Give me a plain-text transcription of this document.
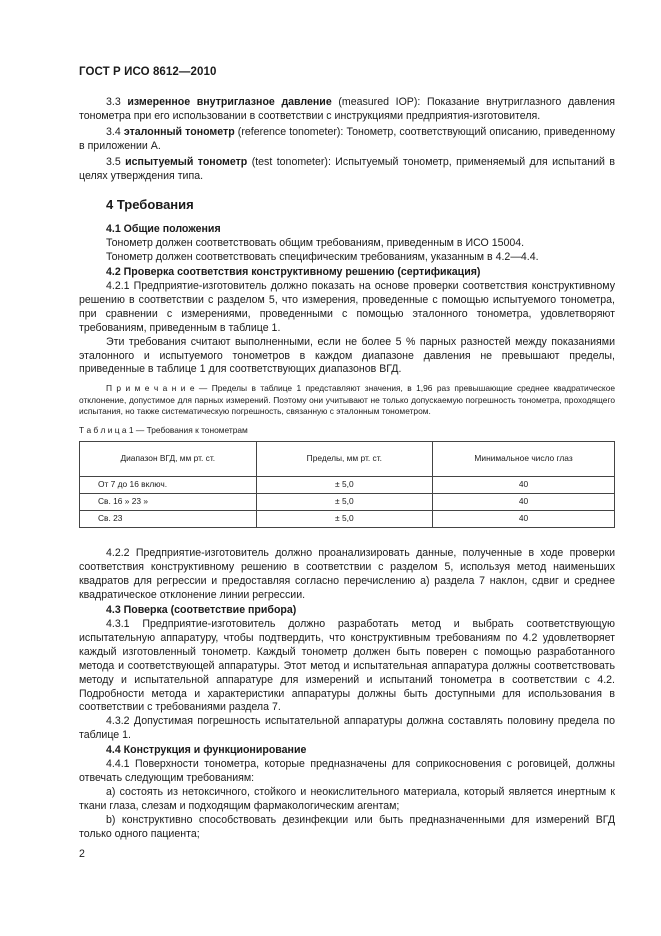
ГОСТ Р ИСО 8612—2010

3.3 измеренное внутриглазное давление (measured IOP): Показание внутриглазного давления тонометра при его использовании в соответствии с инструкциями предприятия-изготовителя.

3.4 эталонный тонометр (reference tonometer): Тонометр, соответствующий описанию, приведенному в приложении А.

3.5 испытуемый тонометр (test tonometer): Испытуемый тонометр, применяемый для испытаний в целях утверждения типа.

4 Требования
4.1 Общие положения

Тонометр должен соответствовать общим требованиям, приведенным в ИСО 15004.

Тонометр должен соответствовать специфическим требованиям, указанным в 4.2—4.4.

4.2 Проверка соответствия конструктивному решению (сертификация)

4.2.1 Предприятие-изготовитель должно показать на основе проверки соответствия конструктивному решению в соответствии с разделом 5, что измерения, проведенные с помощью испытуемого тонометра, при сравнении с измерениями, проведенными с помощью эталонного тонометра, удовлетворяют требованиям, приведенным в таблице 1.

Эти требования считают выполненными, если не более 5 % парных разностей между показаниями эталонного и испытуемого тонометров в каждом диапазоне давления не превышают пределы, приведенные в таблице 1 для соответствующих диапазонов ВГД.

П р и м е ч а н и е — Пределы в таблице 1 представляют значения, в 1,96 раз превышающие среднее квадратическое отклонение, допустимое для парных измерений. Поэтому они учитывают не только допускаемую погрешность тонометра, проходящего испытания, но также систематическую погрешность, связанную с эталонным тонометром.

Т а б л и ц а 1 — Требования к тонометрам
Диапазон ВГД, мм рт. ст.	Пределы, мм рт. ст.	Минимальное число глаз
От 7 до 16 включ.	± 5,0	40
Св. 16 » 23 »	± 5,0	40
Св. 23	± 5,0	40

4.2.2 Предприятие-изготовитель должно проанализировать данные, полученные в ходе проверки соответствия конструктивному решению в соответствии с разделом 5, используя метод наименьших квадратов для регрессии и предоставляя согласно перечислению а) раздела 7 наклон, сдвиг и среднее квадратическое отклонение линии регрессии.

4.3 Поверка (соответствие прибора)

4.3.1 Предприятие-изготовитель должно разработать метод и выбрать соответствующую испытательную аппаратуру, чтобы подтвердить, что конструктивным требованиям по 4.2 удовлетворяет каждый изготовленный тонометр. Каждый тонометр должен быть поверен с помощью разработанного метода и соответствующей аппаратуры. Этот метод и испытательная аппаратура должны соответствовать методу и испытательной аппаратуре для измерений и испытаний тонометра в соответствии с 4.2. Подробности метода и характеристики аппаратуры должны быть доступными для использования в соответствии с требованиями раздела 7.

4.3.2 Допустимая погрешность испытательной аппаратуры должна составлять половину предела по таблице 1.

4.4 Конструкция и функционирование

4.4.1 Поверхности тонометра, которые предназначены для соприкосновения с роговицей, должны отвечать следующим требованиям:

а) состоять из нетоксичного, стойкого и неокислительного материала, который является инертным к ткани глаза, слезам и подходящим фармакологическим агентам;

b) конструктивно способствовать дезинфекции или быть предназначенными для измерений ВГД только одного пациента;

2
